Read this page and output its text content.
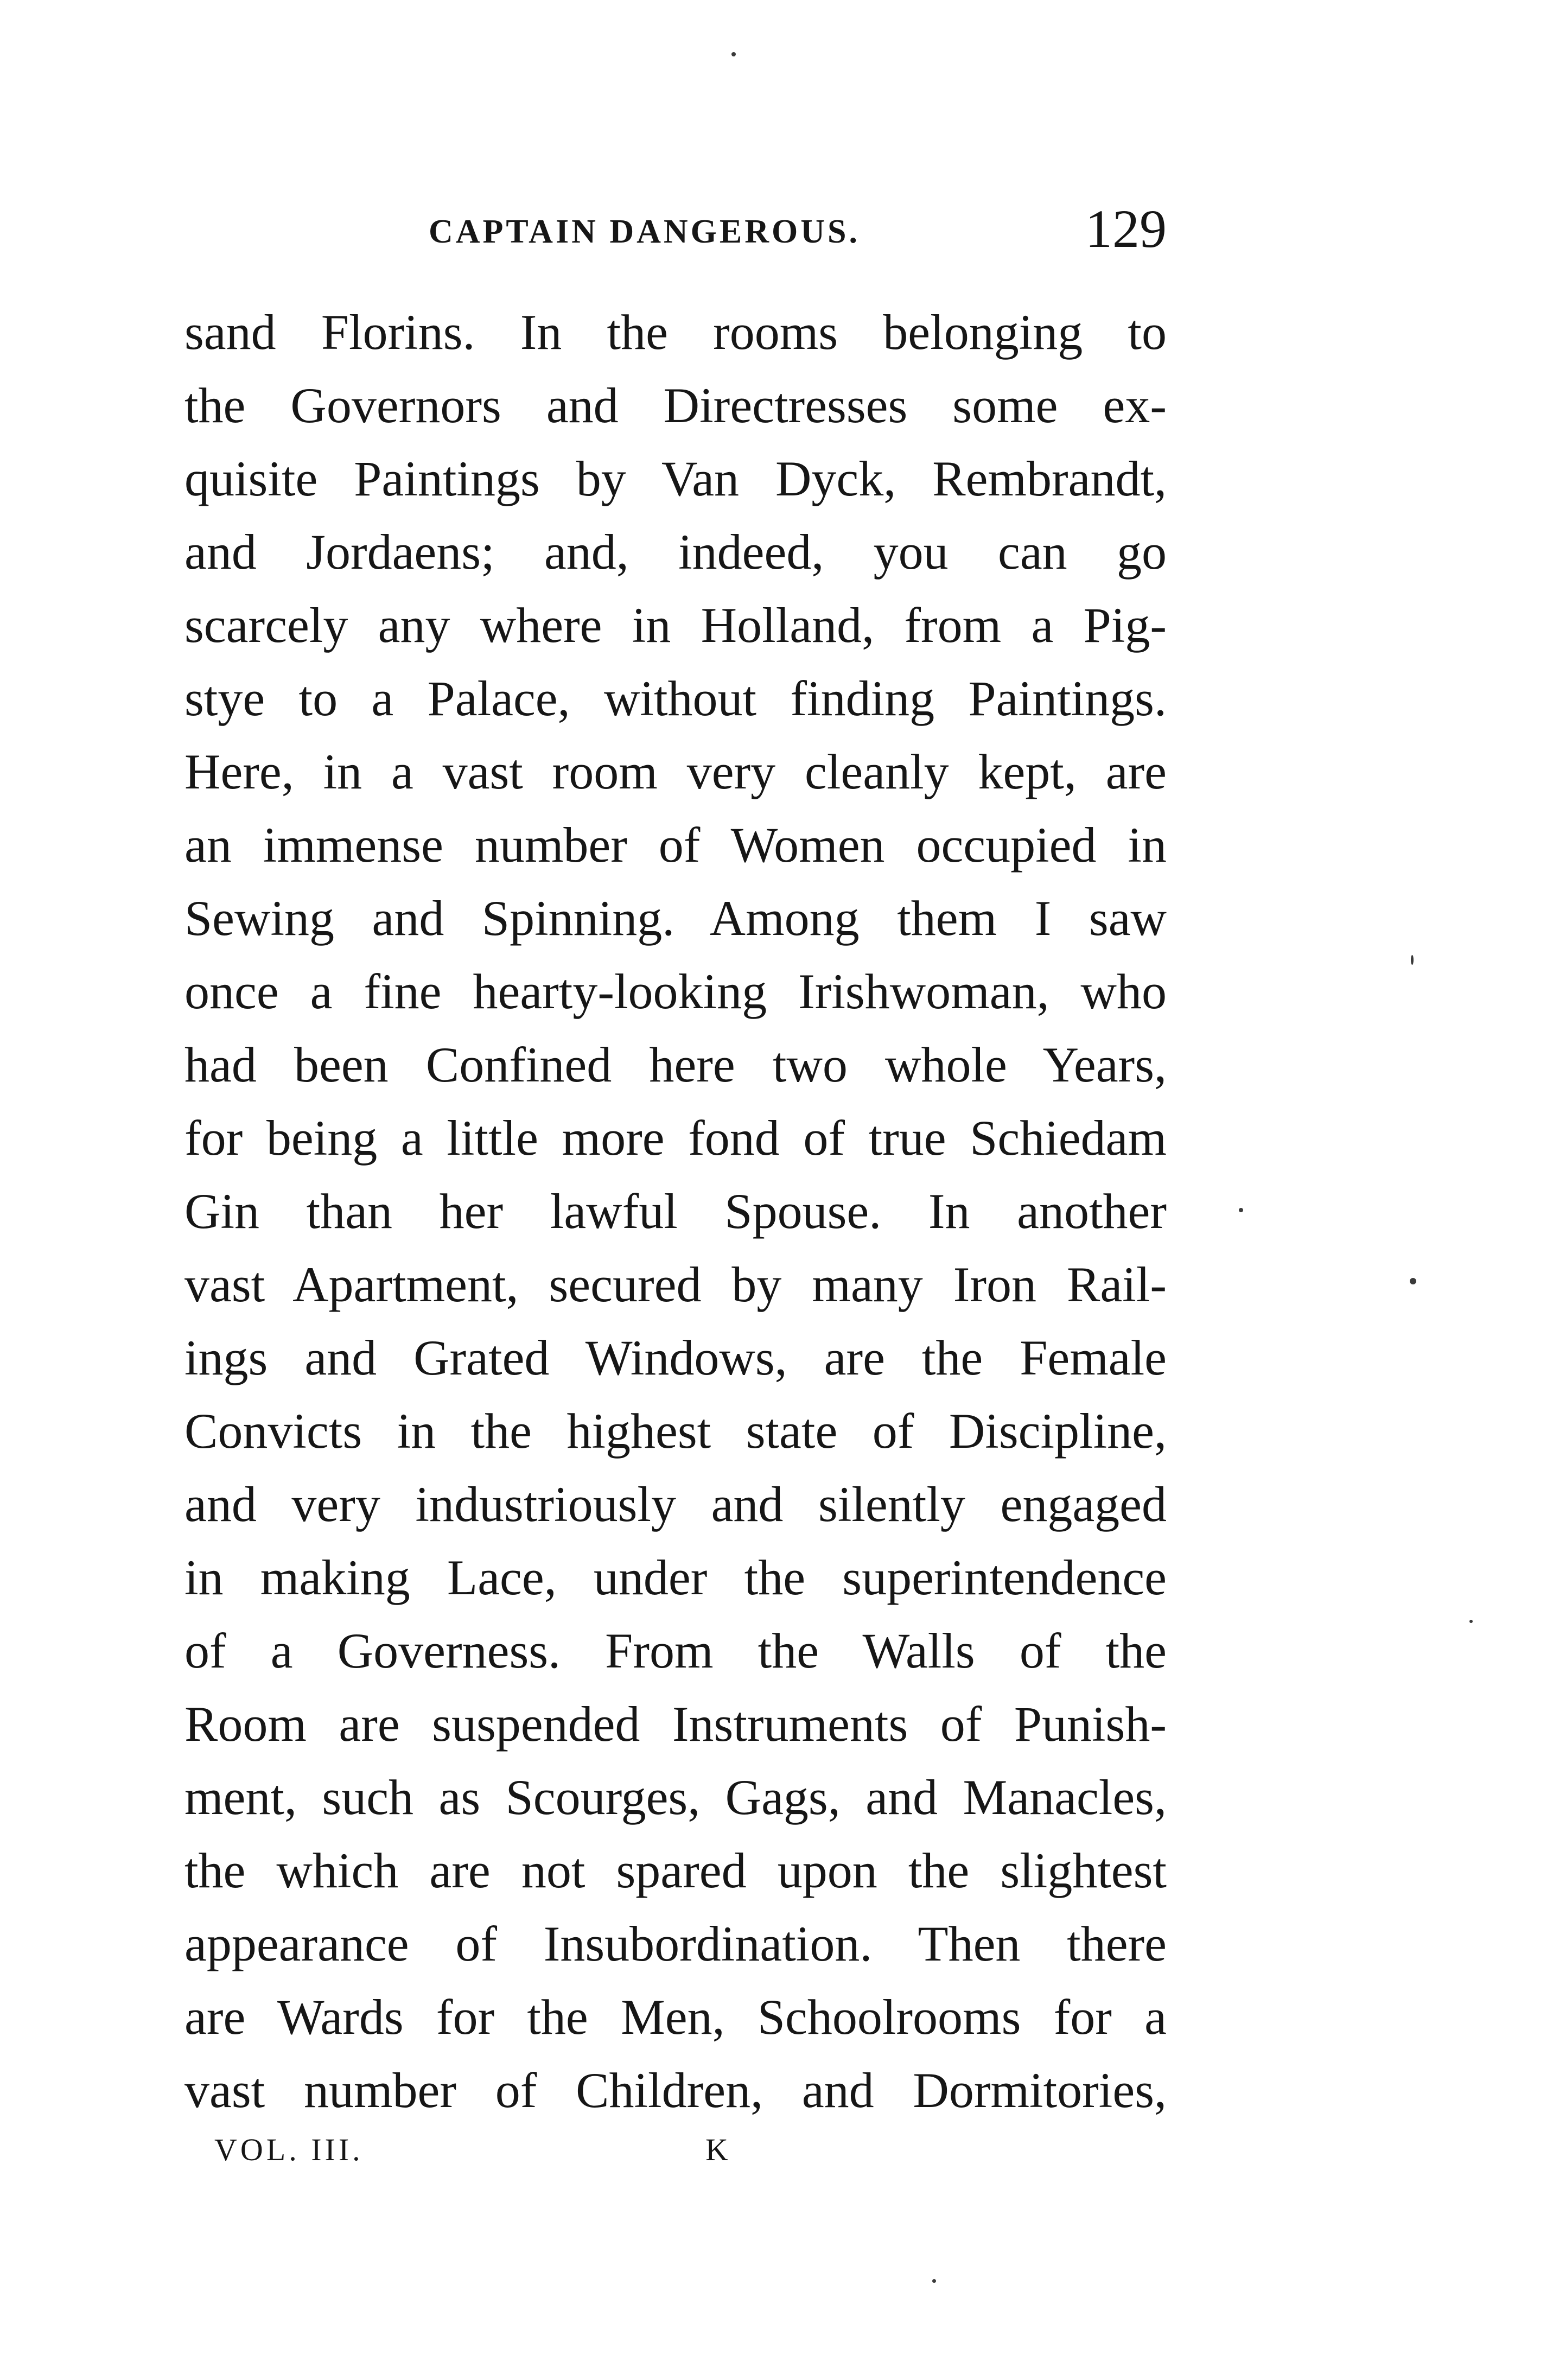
CAPTAIN DANGEROUS.	129
sand Florins. In the rooms belonging to
the Governors and Directresses some ex-
quisite Paintings by Van Dyck, Rembrandt,
and Jordaens; and, indeed, you can go
scarcely any where in Holland, from a Pig-
stye to a Palace, without finding Paintings.
Here, in a vast room very cleanly kept, are
an immense number of Women occupied in
Sewing and Spinning. Among them I saw
once a fine hearty-looking Irishwoman, who
had been Confined here two whole Years,
for being a little more fond of true Schiedam
Gin than her lawful Spouse. In another
vast Apartment, secured by many Iron Rail-
ings and Grated Windows, are the Female
Convicts in the highest state of Discipline,
and very industriously and silently engaged
in making Lace, under the superintendence
of a Governess. From the Walls of the
Room are suspended Instruments of Punish-
ment, such as Scourges, Gags, and Manacles,
the which are not spared upon the slightest
appearance of Insubordination. Then there
are Wards for the Men, Schoolrooms for a
vast number of Children, and Dormitories,
VOL. III.	K
